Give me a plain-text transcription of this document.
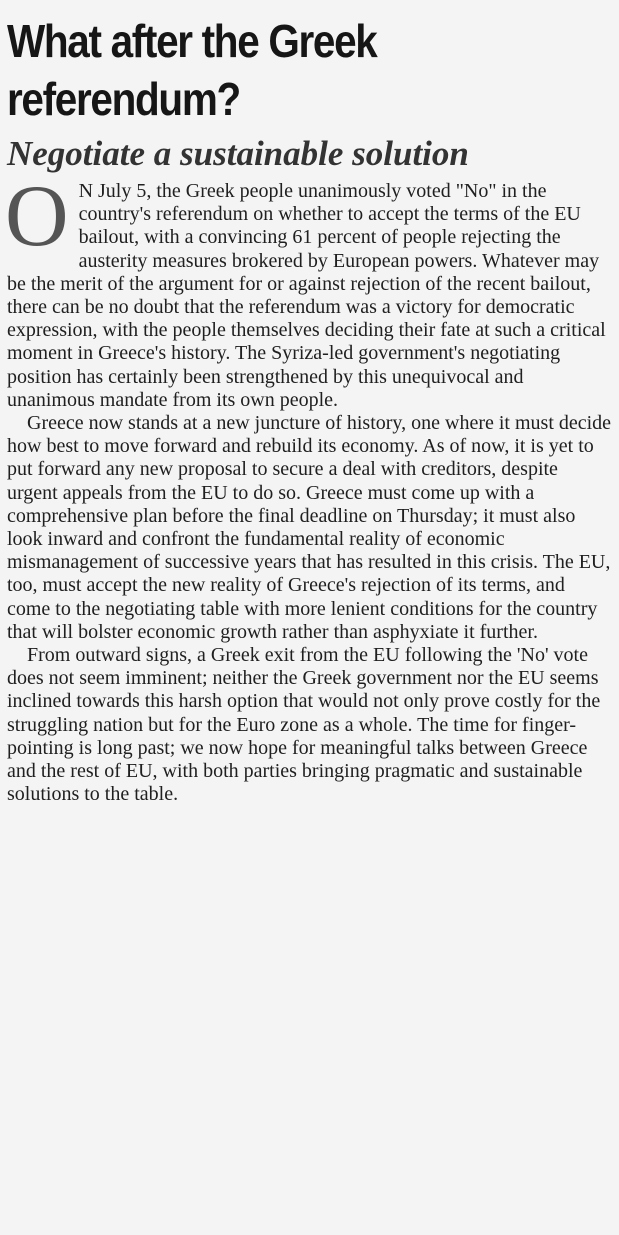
What after the Greek
referendum?
Negotiate a sustainable solution

O N July 5, the Greek people unanimously voted "No" in the country's referendum on whether to accept the terms of the EU bailout, with a convincing 61 percent of people rejecting the austerity measures brokered by European powers. Whatever may be the merit of the argument for or against rejection of the recent bailout, there can be no doubt that the referendum was a victory for democratic expression, with the people themselves deciding their fate at such a critical moment in Greece's history. The Syriza-led government's negotiating position has certainly been strengthened by this unequivocal and unanimous mandate from its own people.

Greece now stands at a new juncture of history, one where it must decide how best to move forward and rebuild its economy. As of now, it is yet to put forward any new proposal to secure a deal with creditors, despite urgent appeals from the EU to do so. Greece must come up with a comprehensive plan before the final deadline on Thursday; it must also look inward and confront the fundamental reality of economic mismanagement of successive years that has resulted in this crisis. The EU, too, must accept the new reality of Greece's rejection of its terms, and come to the negotiating table with more lenient conditions for the country that will bolster economic growth rather than asphyxiate it further.

From outward signs, a Greek exit from the EU following the 'No' vote does not seem imminent; neither the Greek government nor the EU seems inclined towards this harsh option that would not only prove costly for the struggling nation but for the Euro zone as a whole. The time for finger-pointing is long past; we now hope for meaningful talks between Greece and the rest of EU, with both parties bringing pragmatic and sustainable solutions to the table.
